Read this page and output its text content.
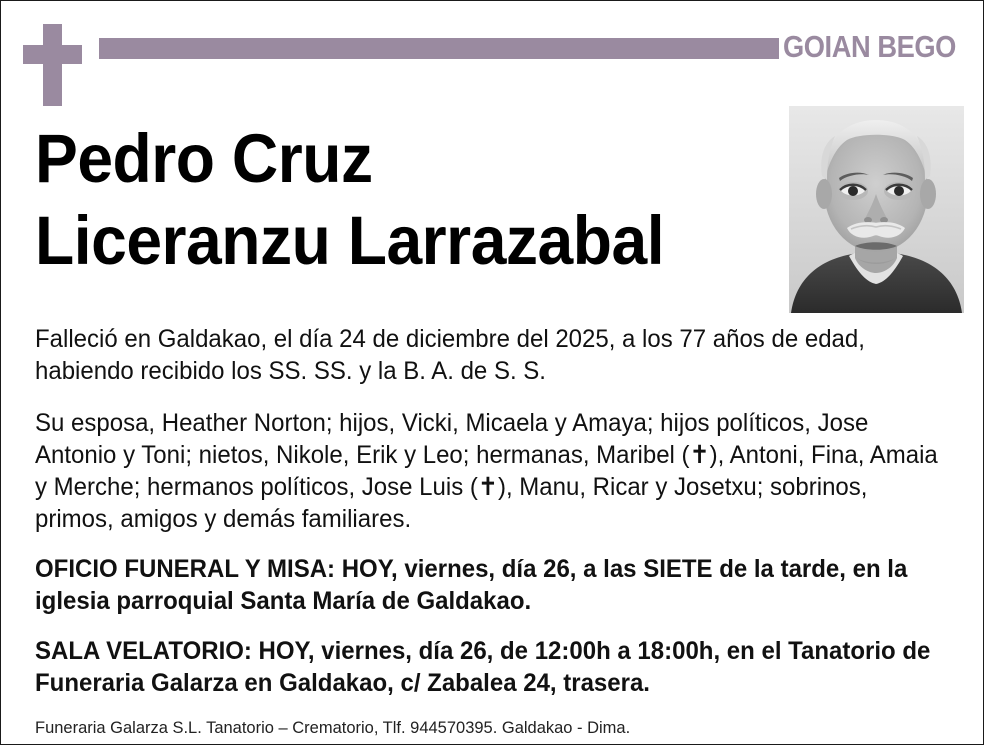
GOIAN BEGO
Pedro Cruz
Liceranzu Larrazabal

Falleció en Galdakao, el día 24 de diciembre del 2025, a los 77 años de edad, habiendo recibido los SS. SS. y la B. A. de S. S.

Su esposa, Heather Norton; hijos, Vicki, Micaela y Amaya; hijos políticos, Jose Antonio y Toni; nietos, Nikole, Erik y Leo; hermanas, Maribel (✝), Antoni, Fina, Amaia y Merche; hermanos políticos, Jose Luis (✝), Manu, Ricar y Josetxu; sobrinos, primos, amigos y demás familiares.

OFICIO FUNERAL Y MISA: HOY, viernes, día 26, a las SIETE de la tarde, en la iglesia parroquial Santa María de Galdakao.

SALA VELATORIO: HOY, viernes, día 26, de 12:00h a 18:00h, en el Tanatorio de Funeraria Galarza en Galdakao, c/ Zabalea 24, trasera.

Funeraria Galarza S.L. Tanatorio – Crematorio, Tlf. 944570395. Galdakao - Dima.
